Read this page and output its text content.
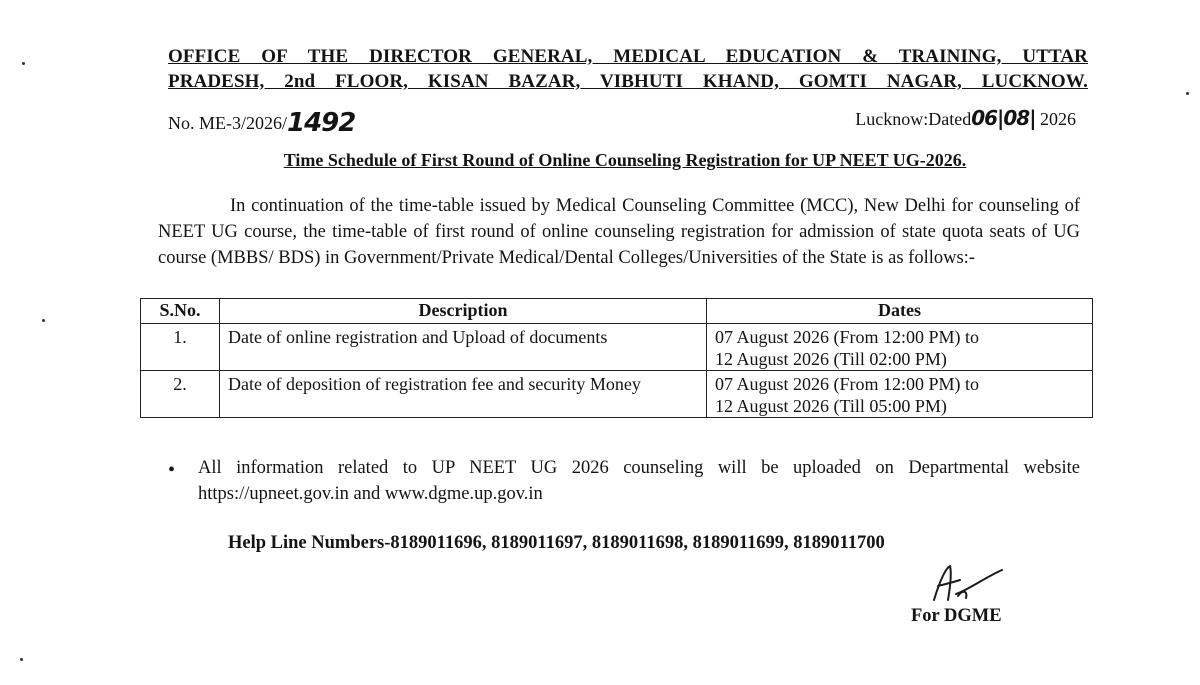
OFFICE OF THE DIRECTOR GENERAL, MEDICAL EDUCATION & TRAINING, UTTAR
PRADESH, 2nd FLOOR, KISAN BAZAR, VIBHUTI KHAND, GOMTI NAGAR, LUCKNOW.
No. ME-3/2026/1492	Lucknow:Dated06|08| 2026
Time Schedule of First Round of Online Counseling Registration for UP NEET UG-2026.
In continuation of the time-table issued by Medical Counseling Committee (MCC), New Delhi for counseling of NEET UG course, the time-table of first round of online counseling registration for admission of state quota seats of UG course (MBBS/ BDS) in Government/Private Medical/Dental Colleges/Universities of the State is as follows:-
S.No.	Description	Dates
1.	Date of online registration and Upload of documents	07 August 2026 (From 12:00 PM) to
12 August 2026 (Till 02:00 PM)

2.	Date of deposition of registration fee and security Money	07 August 2026 (From 12:00 PM) to
12 August 2026 (Till 05:00 PM)
• All information related to UP NEET UG 2026 counseling will be uploaded on Departmental website https://upneet.gov.in and www.dgme.up.gov.in
Help Line Numbers-8189011696, 8189011697, 8189011698, 8189011699, 8189011700
For DGME
